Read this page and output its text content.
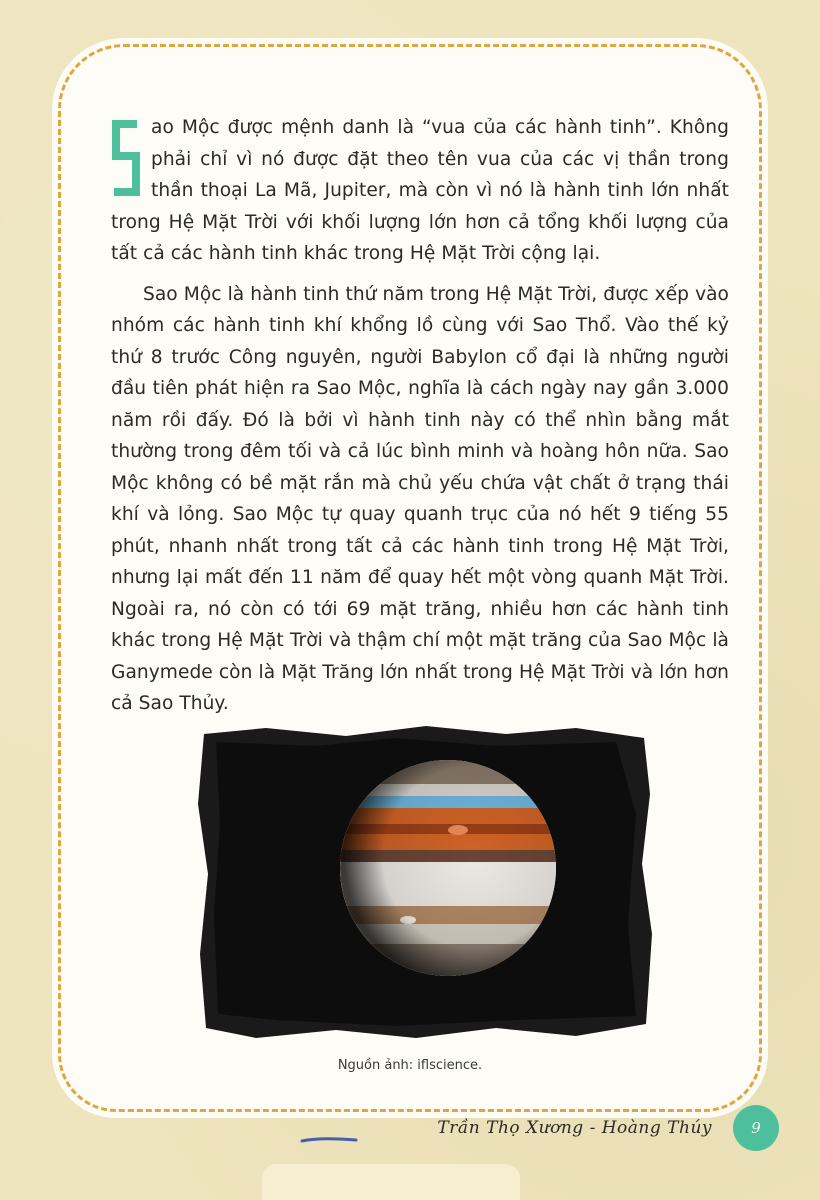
ao Mộc được mệnh danh là “vua của các hành tinh”. Không phải chỉ vì nó được đặt theo tên vua của các vị thần trong thần thoại La Mã, Jupiter, mà còn vì nó là hành tinh lớn nhất trong Hệ Mặt Trời với khối lượng lớn hơn cả tổng khối lượng của tất cả các hành tinh khác trong Hệ Mặt Trời cộng lại.

Sao Mộc là hành tinh thứ năm trong Hệ Mặt Trời, được xếp vào nhóm các hành tinh khí khổng lồ cùng với Sao Thổ. Vào thế kỷ thứ 8 trước Công nguyên, người Babylon cổ đại là những người đầu tiên phát hiện ra Sao Mộc, nghĩa là cách ngày nay gần 3.000 năm rồi đấy. Đó là bởi vì hành tinh này có thể nhìn bằng mắt thường trong đêm tối và cả lúc bình minh và hoàng hôn nữa. Sao Mộc không có bề mặt rắn mà chủ yếu chứa vật chất ở trạng thái khí và lỏng. Sao Mộc tự quay quanh trục của nó hết 9 tiếng 55 phút, nhanh nhất trong tất cả các hành tinh trong Hệ Mặt Trời, nhưng lại mất đến 11 năm để quay hết một vòng quanh Mặt Trời. Ngoài ra, nó còn có tới 69 mặt trăng, nhiều hơn các hành tinh khác trong Hệ Mặt Trời và thậm chí một mặt trăng của Sao Mộc là Ganymede còn là Mặt Trăng lớn nhất trong Hệ Mặt Trời và lớn hơn cả Sao Thủy.

Nguồn ảnh: iflscience.
Trần Thọ Xương - Hoàng Thúy	9
